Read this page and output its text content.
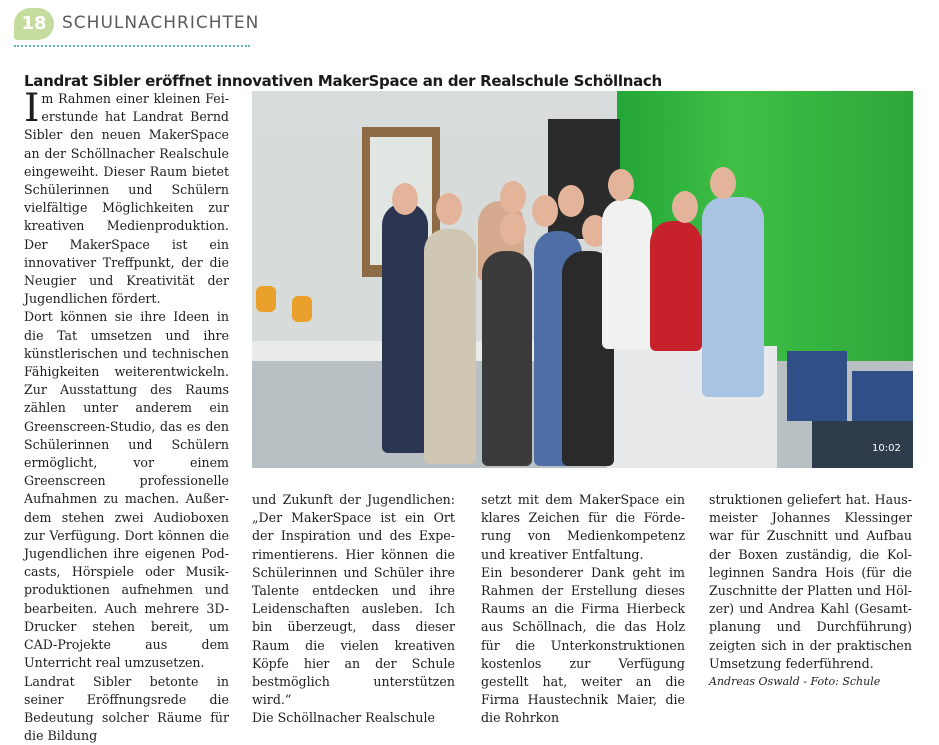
18 SCHULNACHRICHTEN
Landrat Sibler eröffnet innovativen MakerSpace an der Realschule Schöllnach

Im Rahmen einer kleinen Feierstunde hat Landrat Bernd Sibler den neuen MakerSpace an der Schöllnacher Realschule eingeweiht. Dieser Raum bietet Schülerinnen und Schülern vielfältige Möglichkeiten zur kreativen Medienproduktion. Der MakerSpace ist ein innovativer Treffpunkt, der die Neugier und Kreativität der Jugendlichen fördert.

Dort können sie ihre Ideen in die Tat umsetzen und ihre künstlerischen und technischen Fähigkeiten weiterentwickeln. Zur Ausstattung des Raums zählen unter anderem ein Greenscreen-Studio, das es den Schülerinnen und Schülern ermöglicht, vor einem Greenscreen professionelle Aufnahmen zu machen. Außerdem stehen zwei Audioboxen zur Verfügung. Dort können die Jugendlichen ihre eigenen Podcasts, Hörspiele oder Musikproduktionen aufnehmen und bearbeiten. Auch mehrere 3D-Drucker stehen bereit, um CAD-Projekte aus dem Unterricht real umzusetzen.

Landrat Sibler betonte in seiner Eröffnungsrede die Bedeutung solcher Räume für die Bildung

10:02

und Zukunft der Jugendlichen: „Der MakerSpace ist ein Ort der Inspiration und des Experimentierens. Hier können die Schülerinnen und Schüler ihre Talente entdecken und ihre Leidenschaften ausleben. Ich bin überzeugt, dass dieser Raum die vielen kreativen Köpfe hier an der Schule bestmöglich unterstützen wird.“

Die Schöllnacher Realschule

setzt mit dem MakerSpace ein klares Zeichen für die Förderung von Medienkompetenz und kreativer Entfaltung.

Ein besonderer Dank geht im Rahmen der Erstellung dieses Raums an die Firma Hierbeck aus Schöllnach, die das Holz für die Unterkonstruktionen kostenlos zur Verfügung gestellt hat, weiter an die Firma Haustechnik Maier, die die Rohrkon

struktionen geliefert hat. Hausmeister Johannes Klessinger war für Zuschnitt und Aufbau der Boxen zuständig, die Kolleginnen Sandra Hois (für die Zuschnitte der Platten und Hölzer) und Andrea Kahl (Gesamtplanung und Durchführung) zeigten sich in der praktischen Umsetzung federführend.

Andreas Oswald - Foto: Schule
